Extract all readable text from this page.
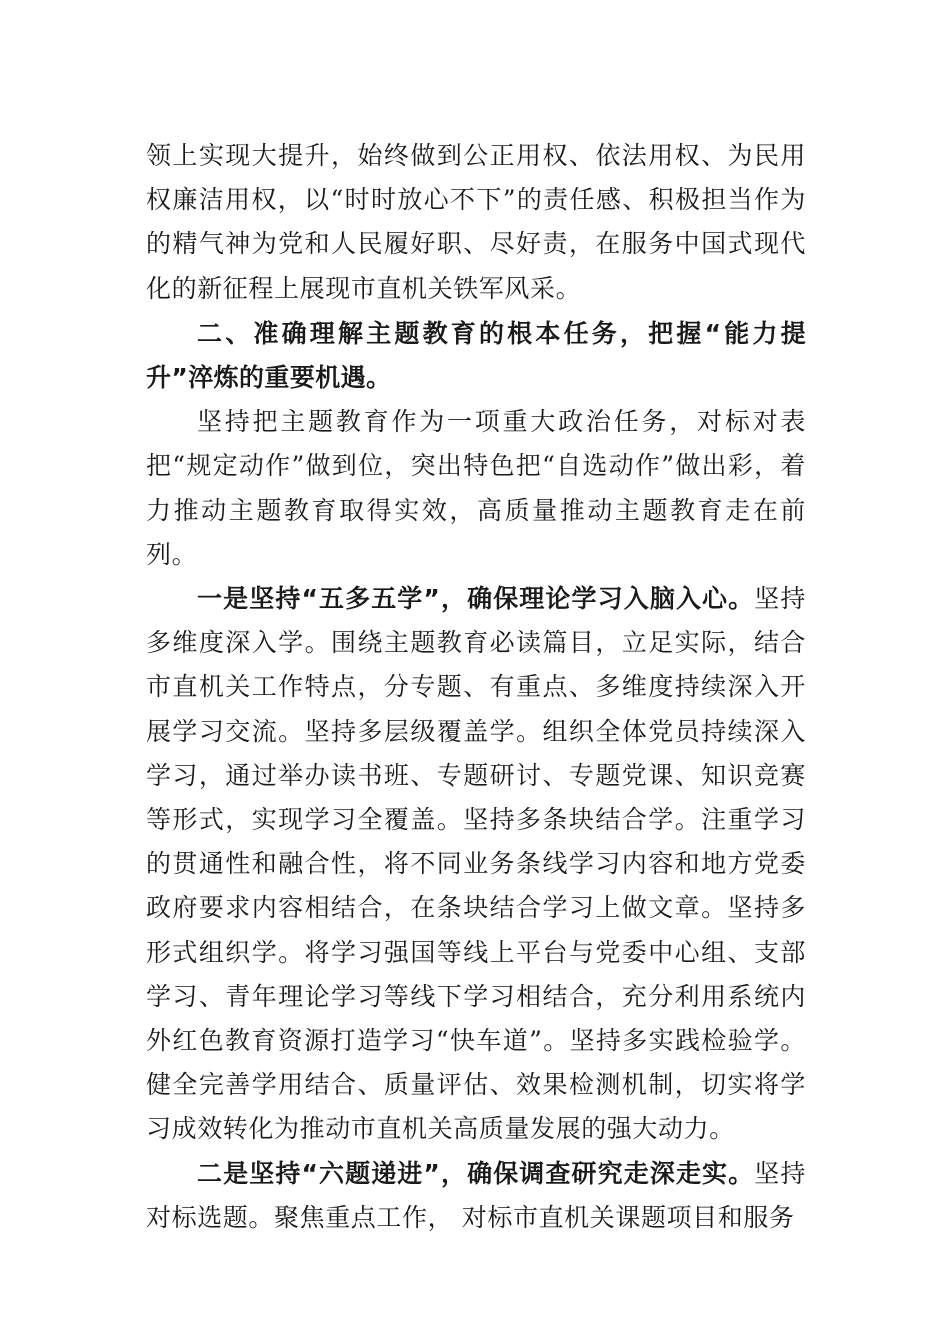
领上实现大提升，始终做到公正用权、依法用权、为民用权廉洁用权，以“时时放心不下”的责任感、积极担当作为的精气神为党和人民履好职、尽好责，在服务中国式现代化的新征程上展现市直机关铁军风采。

二、准确理解主题教育的根本任务，把握“能力提升”淬炼的重要机遇。

坚持把主题教育作为一项重大政治任务，对标对表把“规定动作”做到位，突出特色把“自选动作”做出彩，着力推动主题教育取得实效，高质量推动主题教育走在前列。

一是坚持“五多五学”，确保理论学习入脑入心。坚持多维度深入学。围绕主题教育必读篇目，立足实际，结合市直机关工作特点，分专题、有重点、多维度持续深入开展学习交流。坚持多层级覆盖学。组织全体党员持续深入学习，通过举办读书班、专题研讨、专题党课、知识竞赛等形式，实现学习全覆盖。坚持多条块结合学。注重学习的贯通性和融合性，将不同业务条线学习内容和地方党委政府要求内容相结合，在条块结合学习上做文章。坚持多形式组织学。将学习强国等线上平台与党委中心组、支部学习、青年理论学习等线下学习相结合，充分利用系统内外红色教育资源打造学习“快车道”。坚持多实践检验学。健全完善学用结合、质量评估、效果检测机制，切实将学习成效转化为推动市直机关高质量发展的强大动力。

二是坚持“六题递进”，确保调查研究走深走实。坚持对标选题。聚焦重点工作， 对标市直机关课题项目和服务
